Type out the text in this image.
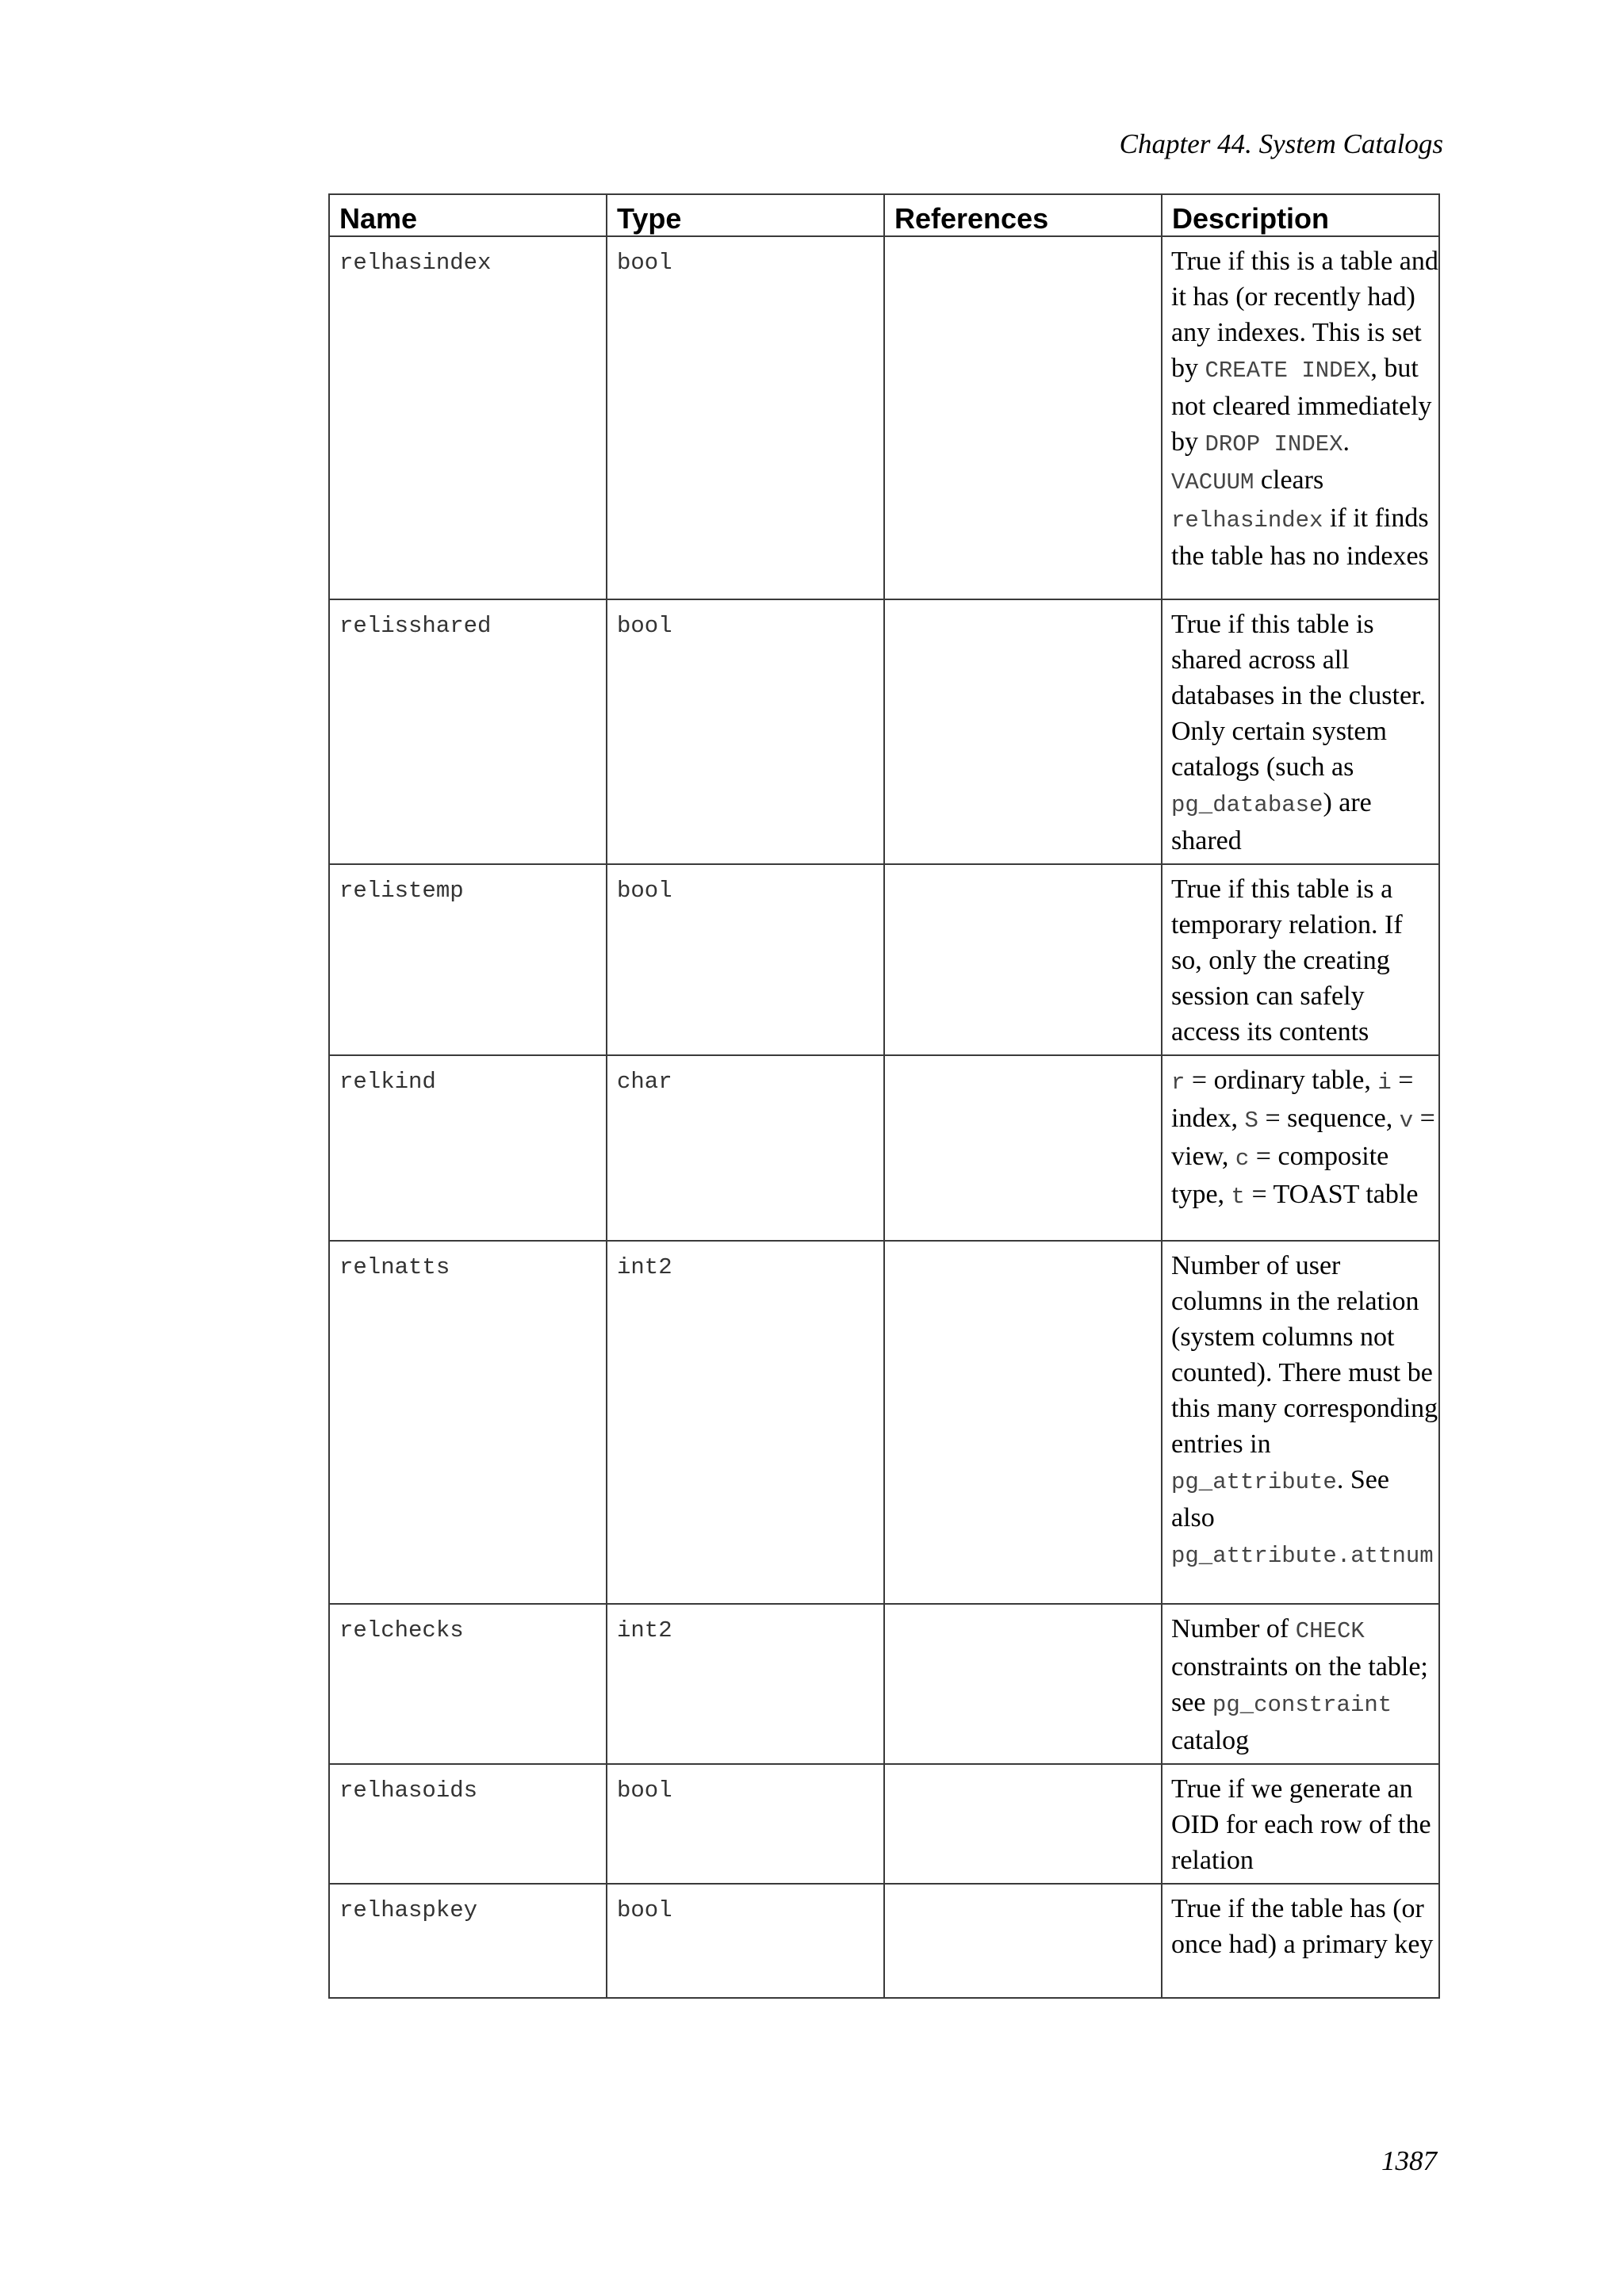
Chapter 44. System Catalogs
Name	Type	References	Description
relhasindex	bool		True if this is a table and it has (or recently had) any indexes. This is set by CREATE INDEX, but not cleared immediately by DROP INDEX. VACUUM clears relhasindex if it finds the table has no indexes
relisshared	bool		True if this table is shared across all databases in the cluster. Only certain system catalogs (such as pg_database) are shared
relistemp	bool		True if this table is a temporary relation. If so, only the creating session can safely access its contents
relkind	char		r = ordinary table, i = index, S = sequence, v = view, c = composite type, t = TOAST table
relnatts	int2		Number of user columns in the relation (system columns not counted). There must be this many corresponding entries in pg_attribute. See also pg_attribute.attnum
relchecks	int2		Number of CHECK constraints on the table; see pg_constraint catalog
relhasoids	bool		True if we generate an OID for each row of the relation
relhaspkey	bool		True if the table has (or once had) a primary key
1387
